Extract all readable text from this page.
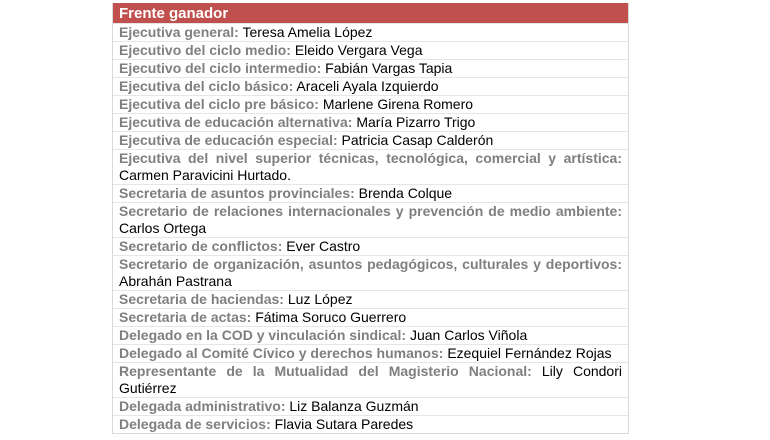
Frente ganador
Ejecutiva general: Teresa Amelia López
Ejecutivo del ciclo medio: Eleido Vergara Vega
Ejecutivo del ciclo intermedio: Fabián Vargas Tapia
Ejecutiva del ciclo básico: Araceli Ayala Izquierdo
Ejecutiva del ciclo pre básico: Marlene Girena Romero
Ejecutiva de educación alternativa: María Pizarro Trigo
Ejecutiva de educación especial: Patricia Casap Calderón
Ejecutiva del nivel superior técnicas, tecnológica, comercial y artística: Carmen Paravicini Hurtado.
Secretaria de asuntos provinciales: Brenda Colque
Secretario de relaciones internacionales y prevención de medio ambiente: Carlos Ortega
Secretario de conflictos: Ever Castro
Secretario de organización, asuntos pedagógicos, culturales y deportivos: Abrahán Pastrana
Secretaria de haciendas: Luz López
Secretaria de actas: Fátima Soruco Guerrero
Delegado en la COD y vinculación sindical: Juan Carlos Viñola
Delegado al Comité Cívico y derechos humanos: Ezequiel Fernández Rojas
Representante de la Mutualidad del Magisterio Nacional: Lily Condori Gutiérrez
Delegada administrativo: Liz Balanza Guzmán
Delegada de servicios: Flavia Sutara Paredes
